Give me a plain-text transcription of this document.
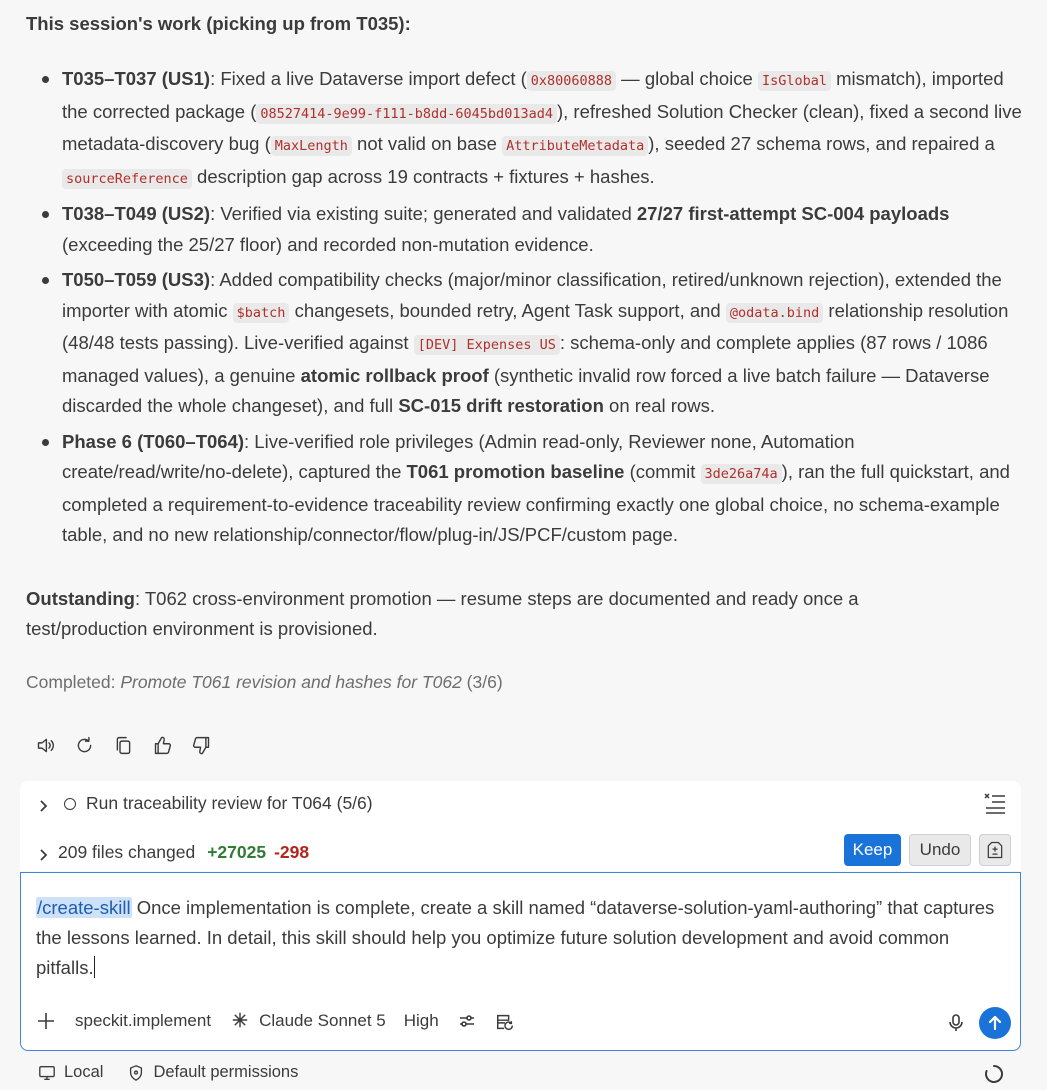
This session's work (picking up from T035):
T035–T037 (US1): Fixed a live Dataverse import defect ( 0x80060888 — global choice IsGlobal mismatch), imported the corrected package ( 08527414-9e99-f111-b8dd-6045bd013ad4 ), refreshed Solution Checker (clean), fixed a second live metadata-discovery bug ( MaxLength not valid on base AttributeMetadata ), seeded 27 schema rows, and repaired a sourceReference description gap across 19 contracts + fixtures + hashes.
T038–T049 (US2): Verified via existing suite; generated and validated 27/27 first-attempt SC-004 payloads (exceeding the 25/27 floor) and recorded non-mutation evidence.
T050–T059 (US3): Added compatibility checks (major/minor classification, retired/unknown rejection), extended the importer with atomic $batch changesets, bounded retry, Agent Task support, and @odata.bind relationship resolution (48/48 tests passing). Live-verified against [DEV] Expenses US : schema-only and complete applies (87 rows / 1086 managed values), a genuine atomic rollback proof (synthetic invalid row forced a live batch failure — Dataverse discarded the whole changeset), and full SC-015 drift restoration on real rows.
Phase 6 (T060–T064): Live-verified role privileges (Admin read-only, Reviewer none, Automation create/read/write/no-delete), captured the T061 promotion baseline (commit 3de26a74a ), ran the full quickstart, and completed a requirement-to-evidence traceability review confirming exactly one global choice, no schema-example table, and no new relationship/connector/flow/plug-in/JS/PCF/custom page.
Outstanding: T062 cross-environment promotion — resume steps are documented and ready once a test/production environment is provisioned.
Completed: Promote T061 revision and hashes for T062 (3/6)
Run traceability review for T064 (5/6)
209 files changed +27025 -298	Keep	Undo
/create-skill Once implementation is complete, create a skill named “dataverse-solution-yaml-authoring” that captures the lessons learned. In detail, this skill should help you optimize future solution development and avoid common pitfalls.
speckit.implement	Claude Sonnet 5 High
Local	Default permissions
